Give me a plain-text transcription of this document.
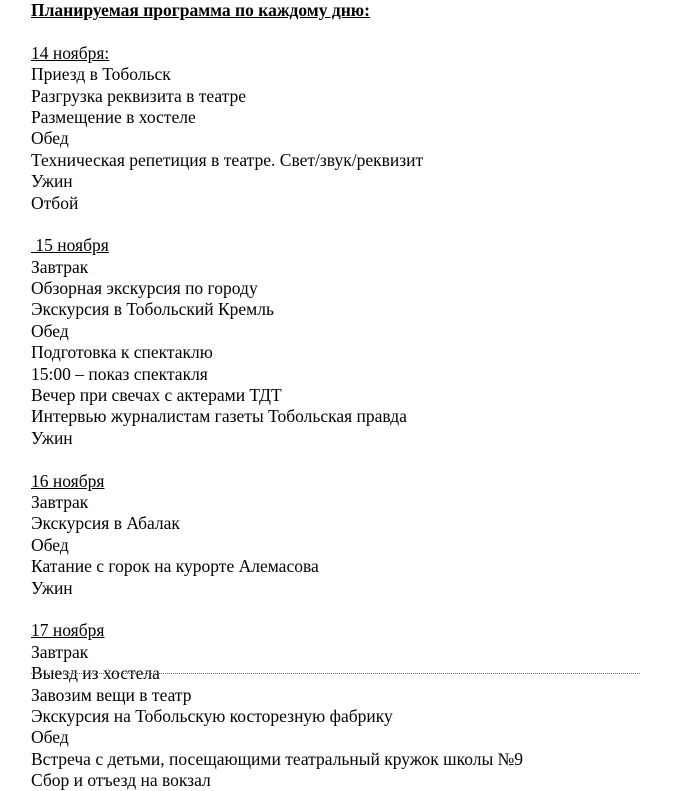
Планируемая программа по каждому дню:
14 ноября:
Приезд в Тобольск
Разгрузка реквизита в театре
Размещение в хостеле
Обед
Техническая репетиция в театре. Свет/звук/реквизит
Ужин
Отбой
15 ноября
Завтрак
Обзорная экскурсия по городу
Экскурсия в Тобольский Кремль
Обед
Подготовка к спектаклю
15:00 – показ спектакля
Вечер при свечах с актерами ТДТ
Интервью журналистам газеты Тобольская правда
Ужин
16 ноября
Завтрак
Экскурсия в Абалак
Обед
Катание с горок на курорте Алемасова
Ужин
17 ноября
Завтрак
Выезд из хостела
Завозим вещи в театр
Экскурсия на Тобольскую косторезную фабрику
Обед
Встреча с детьми, посещающими театральный кружок школы №9
Сбор и отъезд на вокзал
